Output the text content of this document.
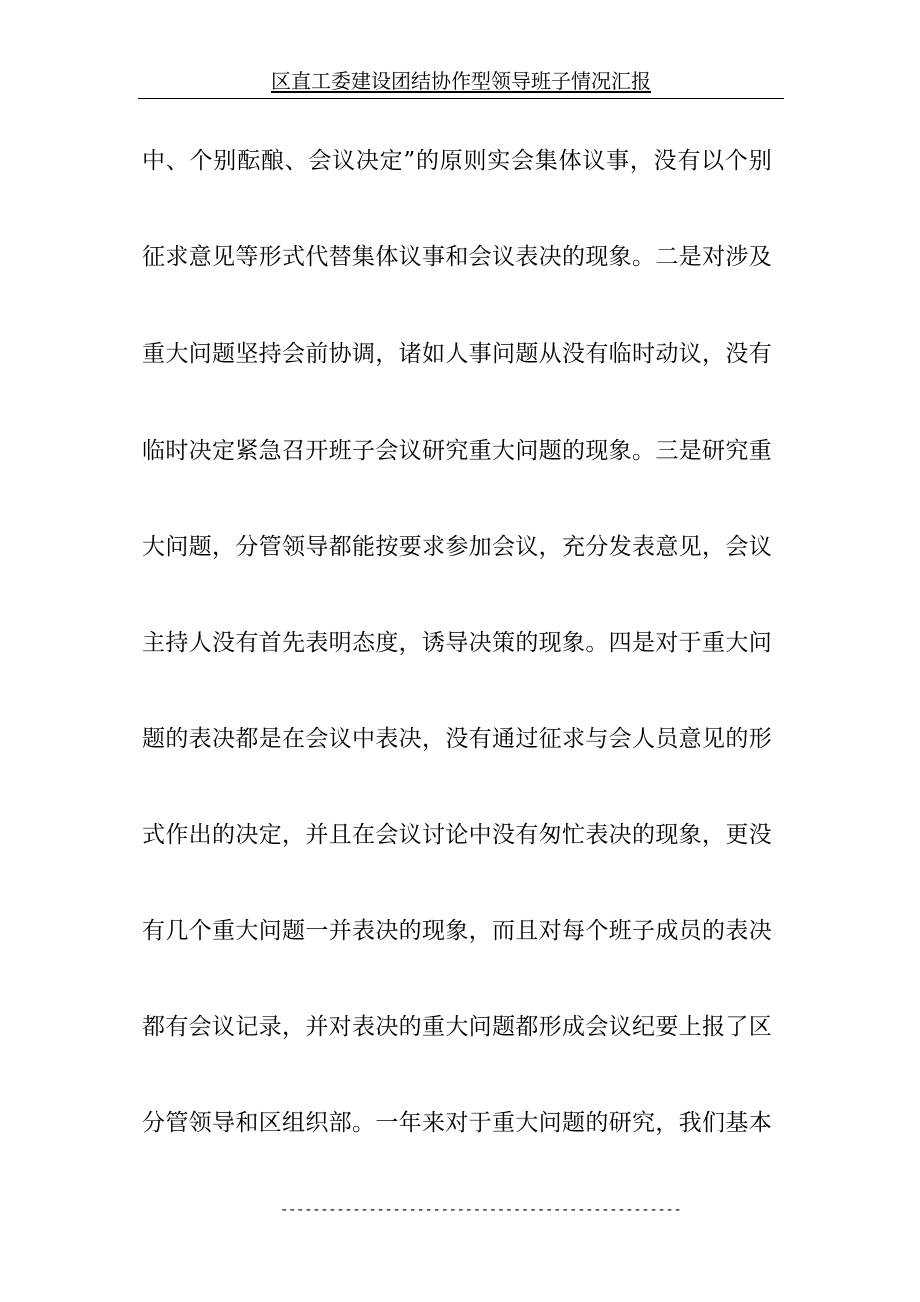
区直工委建设团结协作型领导班子情况汇报
中、个别酝酿、会议决定”的原则实会集体议事，没有以个别
征求意见等形式代替集体议事和会议表决的现象。二是对涉及
重大问题坚持会前协调，诸如人事问题从没有临时动议，没有
临时决定紧急召开班子会议研究重大问题的现象。三是研究重
大问题，分管领导都能按要求参加会议，充分发表意见，会议
主持人没有首先表明态度，诱导决策的现象。四是对于重大问
题的表决都是在会议中表决，没有通过征求与会人员意见的形
式作出的决定，并且在会议讨论中没有匆忙表决的现象，更没
有几个重大问题一并表决的现象，而且对每个班子成员的表决
都有会议记录，并对表决的重大问题都形成会议纪要上报了区
分管领导和区组织部。一年来对于重大问题的研究，我们基本
--------------------------------------------------
